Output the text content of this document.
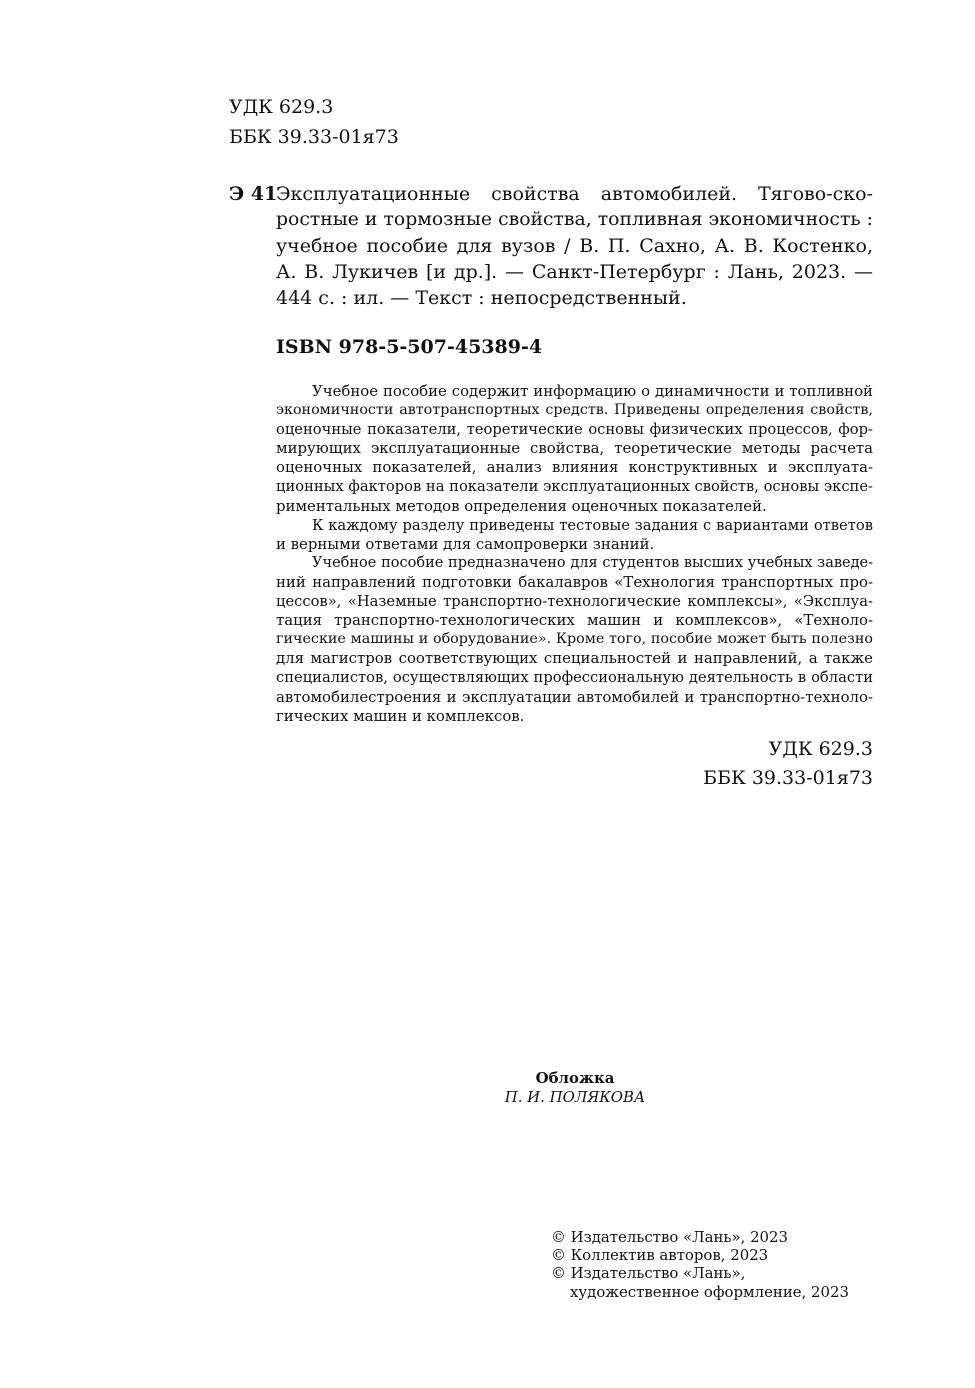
УДК 629.3
ББК 39.33-01я73
Э 41
Эксплуатационные свойства автомобилей. Тягово-ско-
ростные и тормозные свойства, топливная экономичность :
учебное пособие для вузов / В. П. Сахно, А. В. Костенко,
А. В. Лукичев [и др.]. — Санкт-Петербург : Лань, 2023. —
444 с. : ил. — Текст : непосредственный.
ISBN 978-5-507-45389-4
Учебное пособие содержит информацию о динамичности и топливной
экономичности автотранспортных средств. Приведены определения свойств,
оценочные показатели, теоретические основы физических процессов, фор-
мирующих эксплуатационные свойства, теоретические методы расчета
оценочных показателей, анализ влияния конструктивных и эксплуата-
ционных факторов на показатели эксплуатационных свойств, основы экспе-
риментальных методов определения оценочных показателей.
К каждому разделу приведены тестовые задания с вариантами ответов
и верными ответами для самопроверки знаний.
Учебное пособие предназначено для студентов высших учебных заведе-
ний направлений подготовки бакалавров «Технология транспортных про-
цессов», «Наземные транспортно-технологические комплексы», «Эксплуа-
тация транспортно-технологических машин и комплексов», «Техноло-
гические машины и оборудование». Кроме того, пособие может быть полезно
для магистров соответствующих специальностей и направлений, а также
специалистов, осуществляющих профессиональную деятельность в области
автомобилестроения и эксплуатации автомобилей и транспортно-техноло-
гических машин и комплексов.
УДК 629.3
ББК 39.33-01я73
Обложка
П. И. ПОЛЯКОВА
© Издательство «Лань», 2023
© Коллектив авторов, 2023
© Издательство «Лань»,
художественное оформление, 2023
